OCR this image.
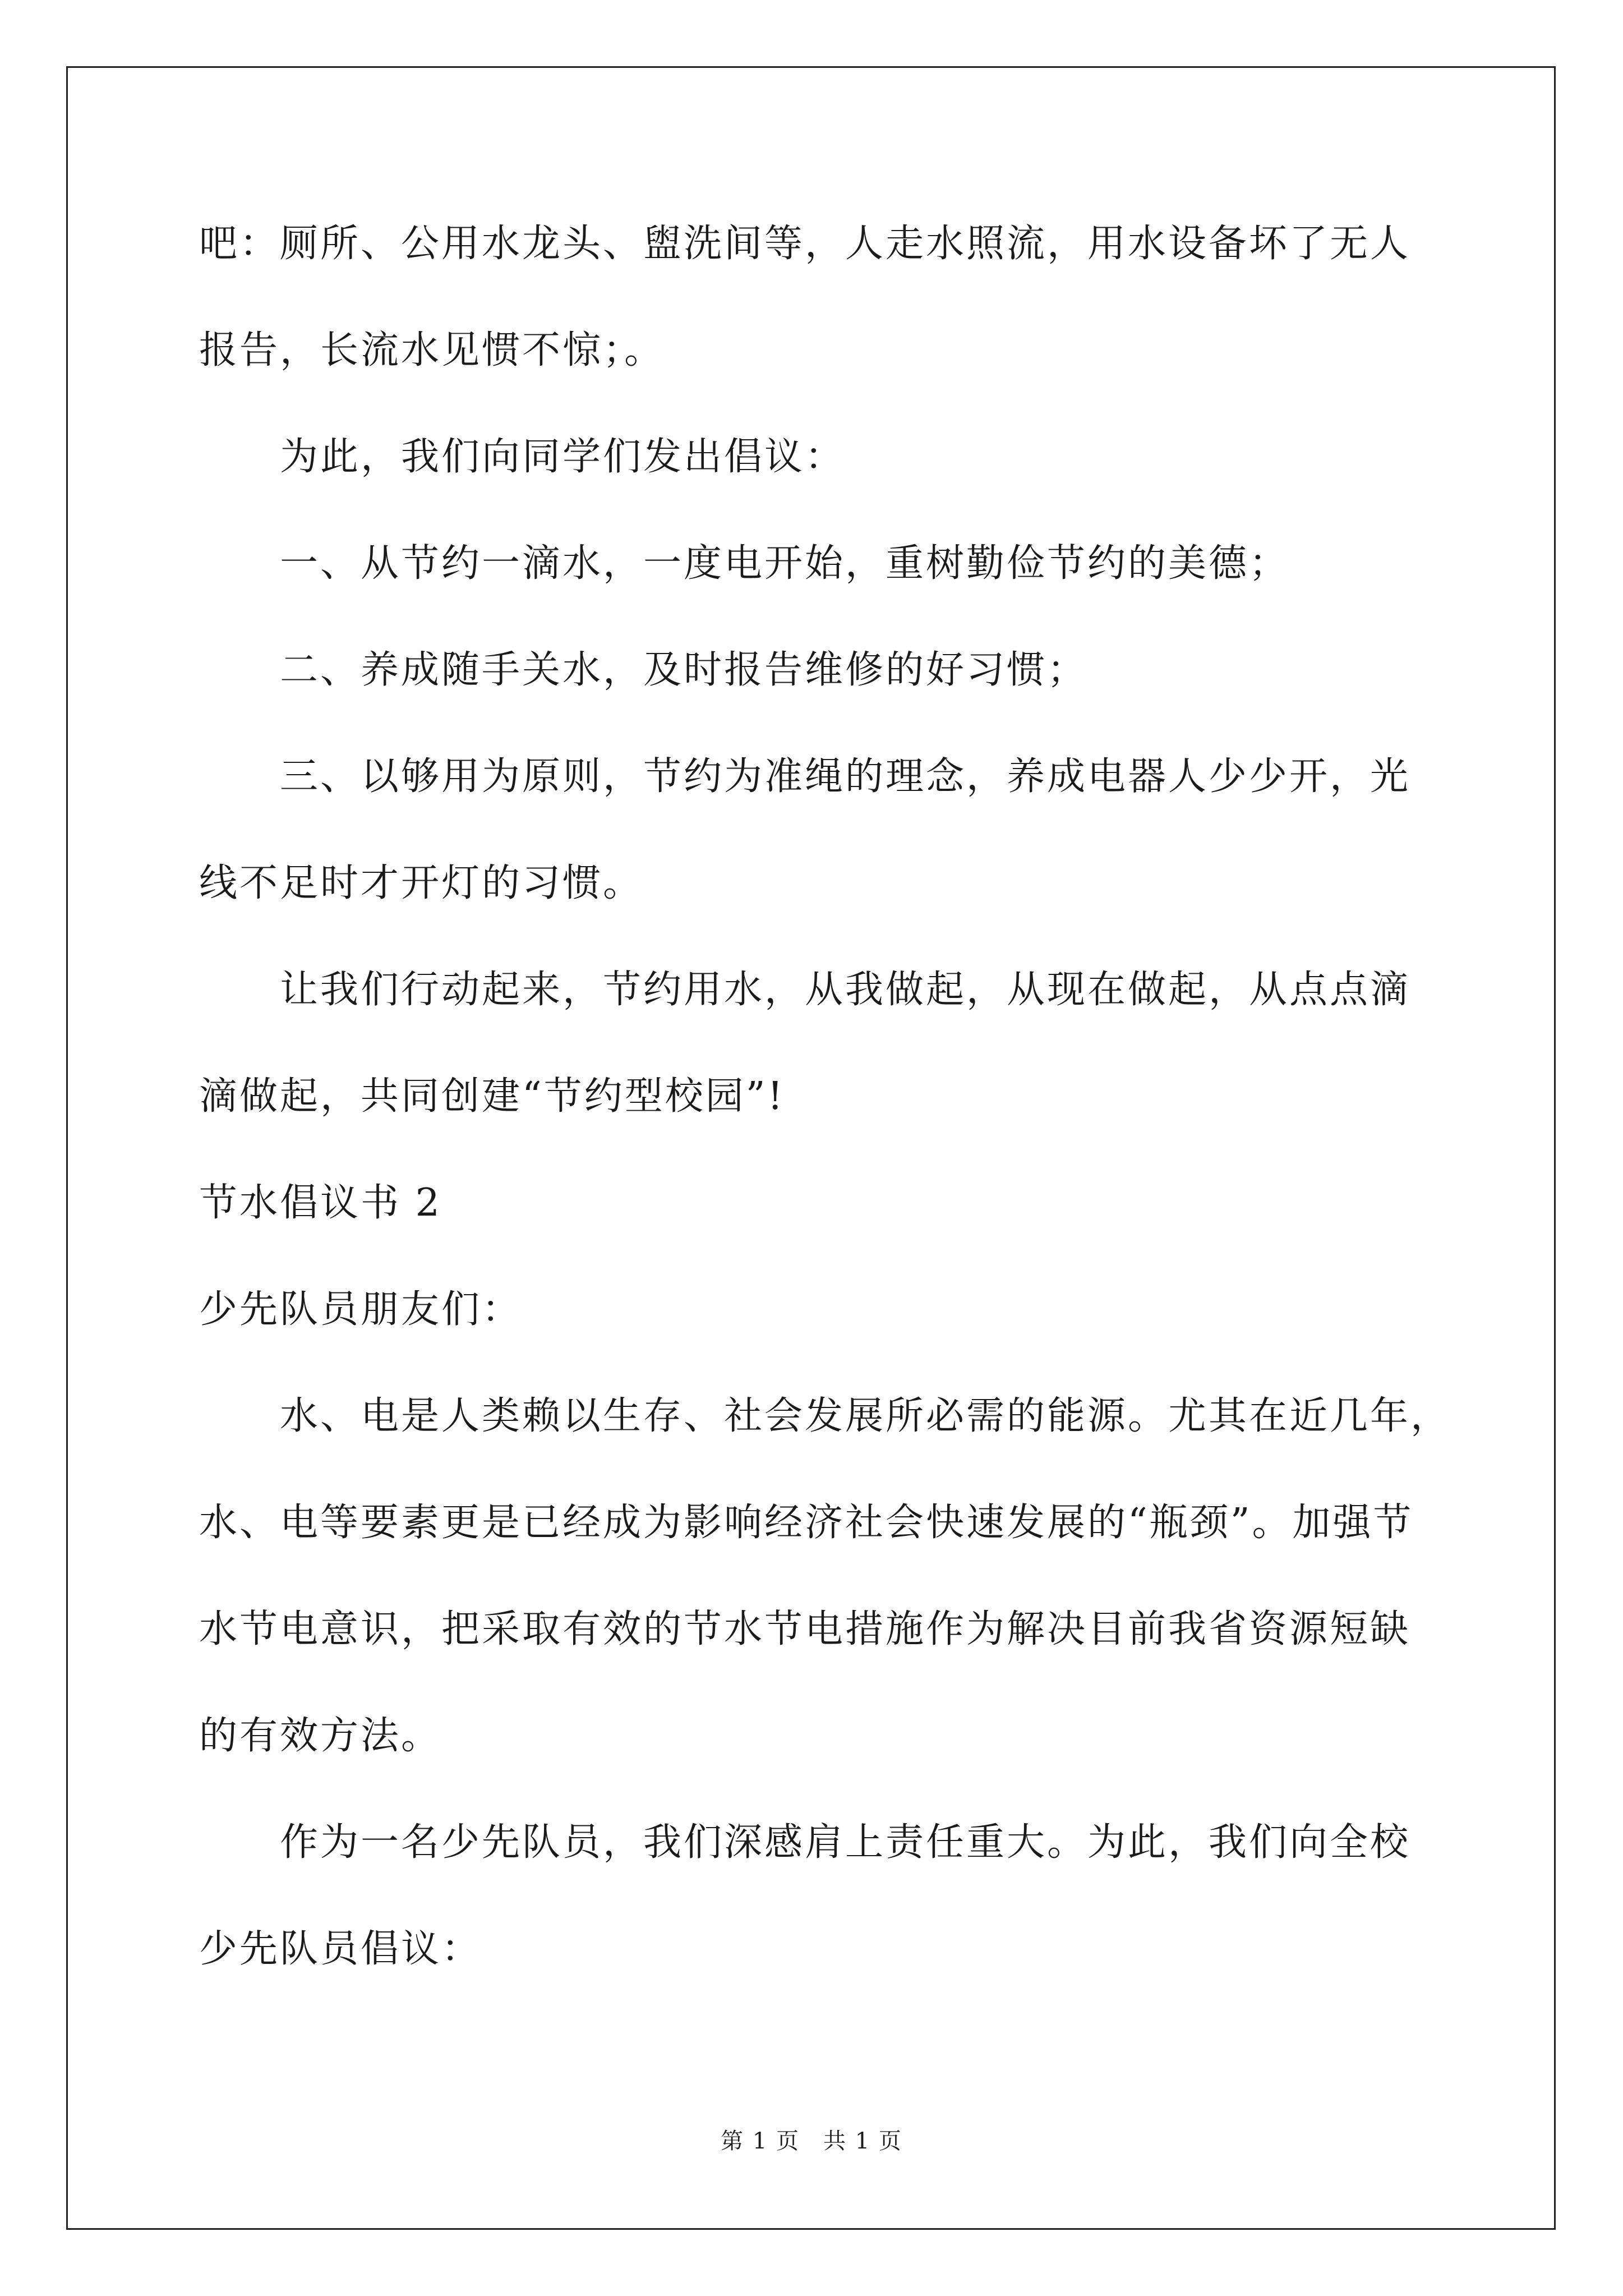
吧：厕所、公用水龙头、盥洗间等，人走水照流，用水设备坏了无人
报告，长流水见惯不惊；。
为此，我们向同学们发出倡议：
一、从节约一滴水，一度电开始，重树勤俭节约的美德；
二、养成随手关水，及时报告维修的好习惯；
三、以够用为原则，节约为准绳的理念，养成电器人少少开，光
线不足时才开灯的习惯。
让我们行动起来，节约用水，从我做起，从现在做起，从点点滴
滴做起，共同创建“节约型校园”!
节水倡议书 2
少先队员朋友们：
水、电是人类赖以生存、社会发展所必需的能源。尤其在近几年，
水、电等要素更是已经成为影响经济社会快速发展的“瓶颈”。加强节
水节电意识，把采取有效的节水节电措施作为解决目前我省资源短缺
的有效方法。
作为一名少先队员，我们深感肩上责任重大。为此，我们向全校
少先队员倡议：
第 1 页　共 1 页
